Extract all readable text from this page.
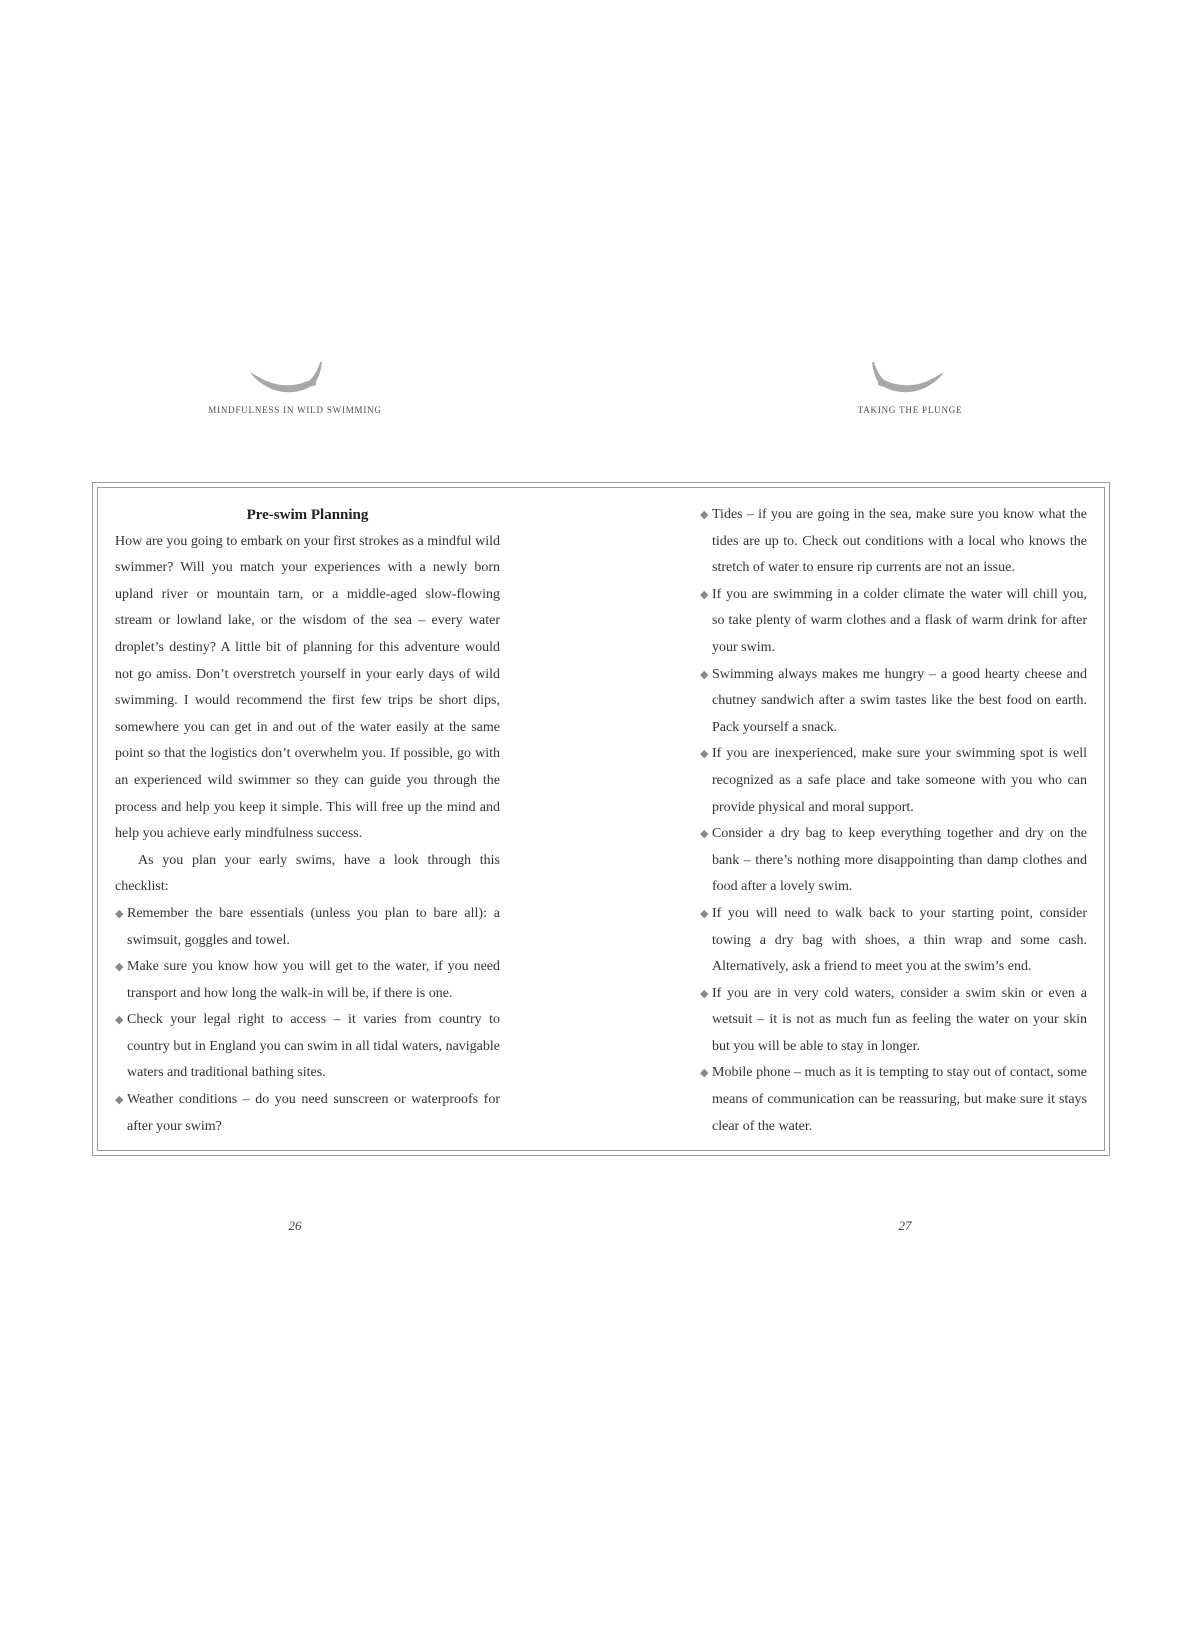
MINDFULNESS IN WILD SWIMMING	TAKING THE PLUNGE
Pre-swim Planning

How are you going to embark on your first strokes as a mindful wild swimmer? Will you match your experiences with a newly born upland river or mountain tarn, or a middle-aged slow-flowing stream or lowland lake, or the wisdom of the sea – every water droplet’s destiny? A little bit of planning for this adventure would not go amiss. Don’t overstretch yourself in your early days of wild swimming. I would recommend the first few trips be short dips, somewhere you can get in and out of the water easily at the same point so that the logistics don’t overwhelm you. If possible, go with an experienced wild swimmer so they can guide you through the process and help you keep it simple. This will free up the mind and help you achieve early mindfulness success.

As you plan your early swims, have a look through this checklist:

◆ Remember the bare essentials (unless you plan to bare all): a swimsuit, goggles and towel.
◆ Make sure you know how you will get to the water, if you need transport and how long the walk-in will be, if there is one.
◆ Check your legal right to access – it varies from country to country but in England you can swim in all tidal waters, navigable waters and traditional bathing sites.
◆ Weather conditions – do you need sunscreen or waterproofs for after your swim?
◆ Tides – if you are going in the sea, make sure you know what the tides are up to. Check out conditions with a local who knows the stretch of water to ensure rip currents are not an issue.
◆ If you are swimming in a colder climate the water will chill you, so take plenty of warm clothes and a flask of warm drink for after your swim.
◆ Swimming always makes me hungry – a good hearty cheese and chutney sandwich after a swim tastes like the best food on earth. Pack yourself a snack.
◆ If you are inexperienced, make sure your swimming spot is well recognized as a safe place and take someone with you who can provide physical and moral support.
◆ Consider a dry bag to keep everything together and dry on the bank – there’s nothing more disappointing than damp clothes and food after a lovely swim.
◆ If you will need to walk back to your starting point, consider towing a dry bag with shoes, a thin wrap and some cash. Alternatively, ask a friend to meet you at the swim’s end.
◆ If you are in very cold waters, consider a swim skin or even a wetsuit – it is not as much fun as feeling the water on your skin but you will be able to stay in longer.
◆ Mobile phone – much as it is tempting to stay out of contact, some means of communication can be reassuring, but make sure it stays clear of the water.
26	27
